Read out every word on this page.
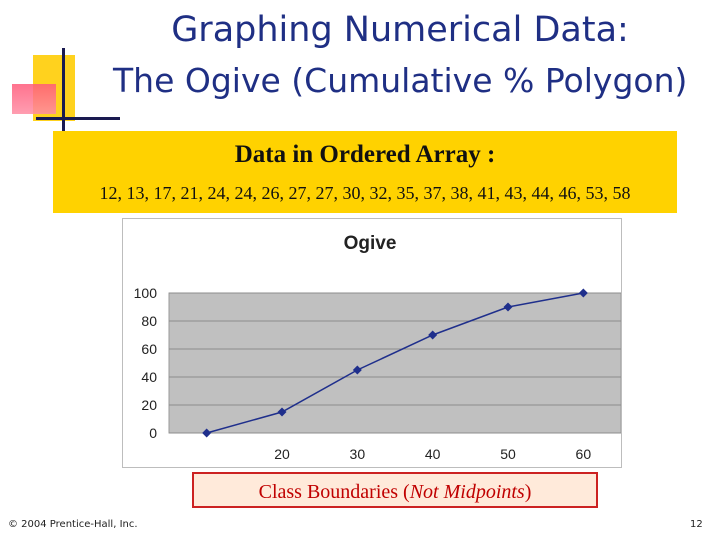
Graphing Numerical Data:
The Ogive (Cumulative % Polygon)
Data in Ordered Array :
12, 13, 17, 21, 24, 24, 26, 27, 27, 30, 32, 35, 37, 38, 41, 43, 44, 46, 53, 58
Ogive
0
20
40
60
80
100
20	30	40	50	60
Class Boundaries (Not Midpoints)
© 2004 Prentice-Hall, Inc.	12
